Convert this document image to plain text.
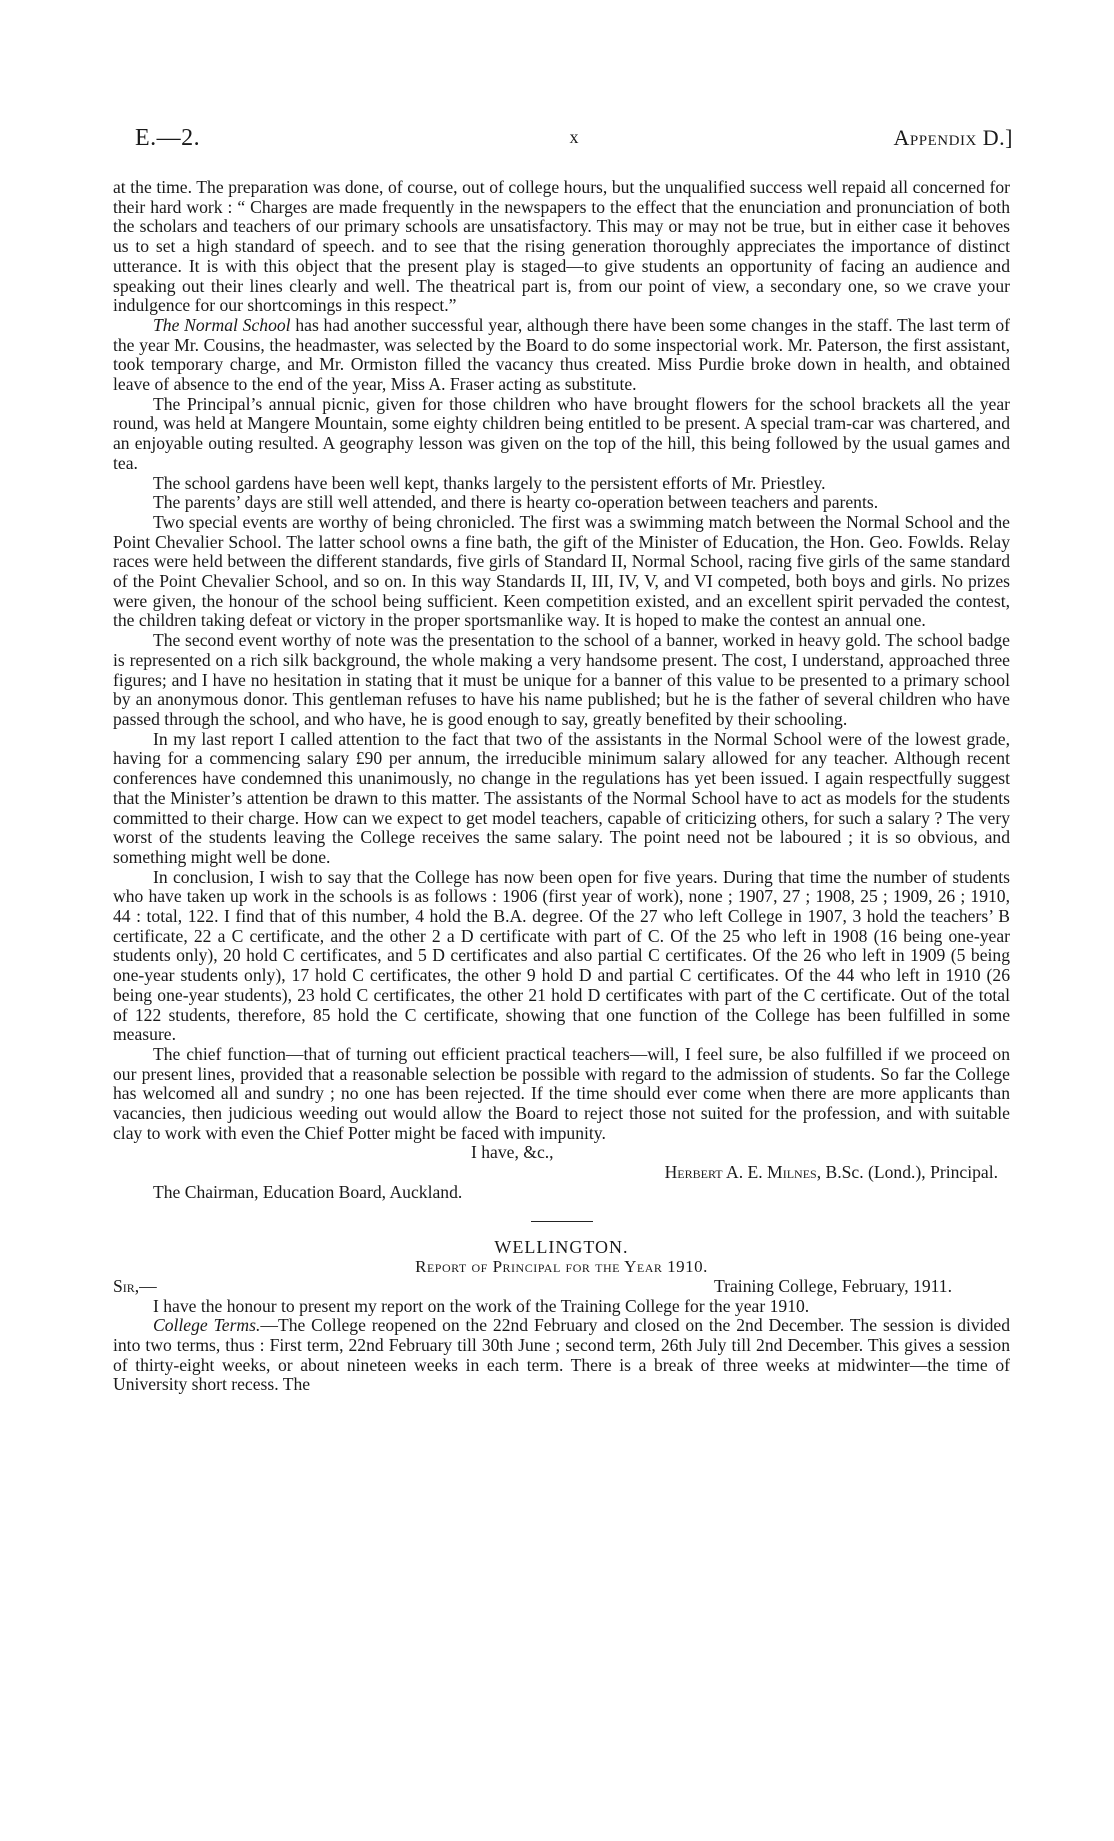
E.—2.	x	Appendix D.]

at the time. The preparation was done, of course, out of college hours, but the unqualified success well repaid all concerned for their hard work : “ Charges are made frequently in the newspapers to the effect that the enunciation and pronunciation of both the scholars and teachers of our primary schools are unsatisfactory. This may or may not be true, but in either case it behoves us to set a high standard of speech. and to see that the rising generation thoroughly appreciates the importance of distinct utterance. It is with this object that the present play is staged—to give students an opportunity of facing an audience and speaking out their lines clearly and well. The theatrical part is, from our point of view, a secondary one, so we crave your indulgence for our shortcomings in this respect.”

The Normal School has had another successful year, although there have been some changes in the staff. The last term of the year Mr. Cousins, the headmaster, was selected by the Board to do some inspectorial work. Mr. Paterson, the first assistant, took temporary charge, and Mr. Ormiston filled the vacancy thus created. Miss Purdie broke down in health, and obtained leave of absence to the end of the year, Miss A. Fraser acting as substitute.

The Principal’s annual picnic, given for those children who have brought flowers for the school brackets all the year round, was held at Mangere Mountain, some eighty children being entitled to be present. A special tram-car was chartered, and an enjoyable outing resulted. A geography lesson was given on the top of the hill, this being followed by the usual games and tea.

The school gardens have been well kept, thanks largely to the persistent efforts of Mr. Priestley.

The parents’ days are still well attended, and there is hearty co-operation between teachers and parents.

Two special events are worthy of being chronicled. The first was a swimming match between the Normal School and the Point Chevalier School. The latter school owns a fine bath, the gift of the Minister of Education, the Hon. Geo. Fowlds. Relay races were held between the different standards, five girls of Standard II, Normal School, racing five girls of the same standard of the Point Chevalier School, and so on. In this way Standards II, III, IV, V, and VI competed, both boys and girls. No prizes were given, the honour of the school being sufficient. Keen competition existed, and an excellent spirit pervaded the contest, the children taking defeat or victory in the proper sportsmanlike way. It is hoped to make the contest an annual one.

The second event worthy of note was the presentation to the school of a banner, worked in heavy gold. The school badge is represented on a rich silk background, the whole making a very handsome present. The cost, I understand, approached three figures; and I have no hesitation in stating that it must be unique for a banner of this value to be presented to a primary school by an anonymous donor. This gentleman refuses to have his name published; but he is the father of several children who have passed through the school, and who have, he is good enough to say, greatly benefited by their schooling.

In my last report I called attention to the fact that two of the assistants in the Normal School were of the lowest grade, having for a commencing salary £90 per annum, the irreducible minimum salary allowed for any teacher. Although recent conferences have condemned this unanimously, no change in the regulations has yet been issued. I again respectfully suggest that the Minister’s attention be drawn to this matter. The assistants of the Normal School have to act as models for the students committed to their charge. How can we expect to get model teachers, capable of criticizing others, for such a salary ? The very worst of the students leaving the College receives the same salary. The point need not be laboured ; it is so obvious, and something might well be done.

In conclusion, I wish to say that the College has now been open for five years. During that time the number of students who have taken up work in the schools is as follows : 1906 (first year of work), none ; 1907, 27 ; 1908, 25 ; 1909, 26 ; 1910, 44 : total, 122. I find that of this number, 4 hold the B.A. degree. Of the 27 who left College in 1907, 3 hold the teachers’ B certificate, 22 a C certificate, and the other 2 a D certificate with part of C. Of the 25 who left in 1908 (16 being one-year students only), 20 hold C certificates, and 5 D certificates and also partial C certificates. Of the 26 who left in 1909 (5 being one-year students only), 17 hold C certificates, the other 9 hold D and partial C certificates. Of the 44 who left in 1910 (26 being one-year students), 23 hold C certificates, the other 21 hold D certificates with part of the C certificate. Out of the total of 122 students, therefore, 85 hold the C certificate, showing that one function of the College has been fulfilled in some measure.

The chief function—that of turning out efficient practical teachers—will, I feel sure, be also fulfilled if we proceed on our present lines, provided that a reasonable selection be possible with regard to the admission of students. So far the College has welcomed all and sundry ; no one has been rejected. If the time should ever come when there are more applicants than vacancies, then judicious weeding out would allow the Board to reject those not suited for the profession, and with suitable clay to work with even the Chief Potter might be faced with impunity.

I have, &c.,

Herbert A. E. Milnes, B.Sc. (Lond.), Principal.

The Chairman, Education Board, Auckland.

WELLINGTON.

Report of Principal for the Year 1910.

Sir,—	Training College, February, 1911.

I have the honour to present my report on the work of the Training College for the year 1910.

College Terms.—The College reopened on the 22nd February and closed on the 2nd December. The session is divided into two terms, thus : First term, 22nd February till 30th June ; second term, 26th July till 2nd December. This gives a session of thirty-eight weeks, or about nineteen weeks in each term. There is a break of three weeks at midwinter—the time of University short recess. The
